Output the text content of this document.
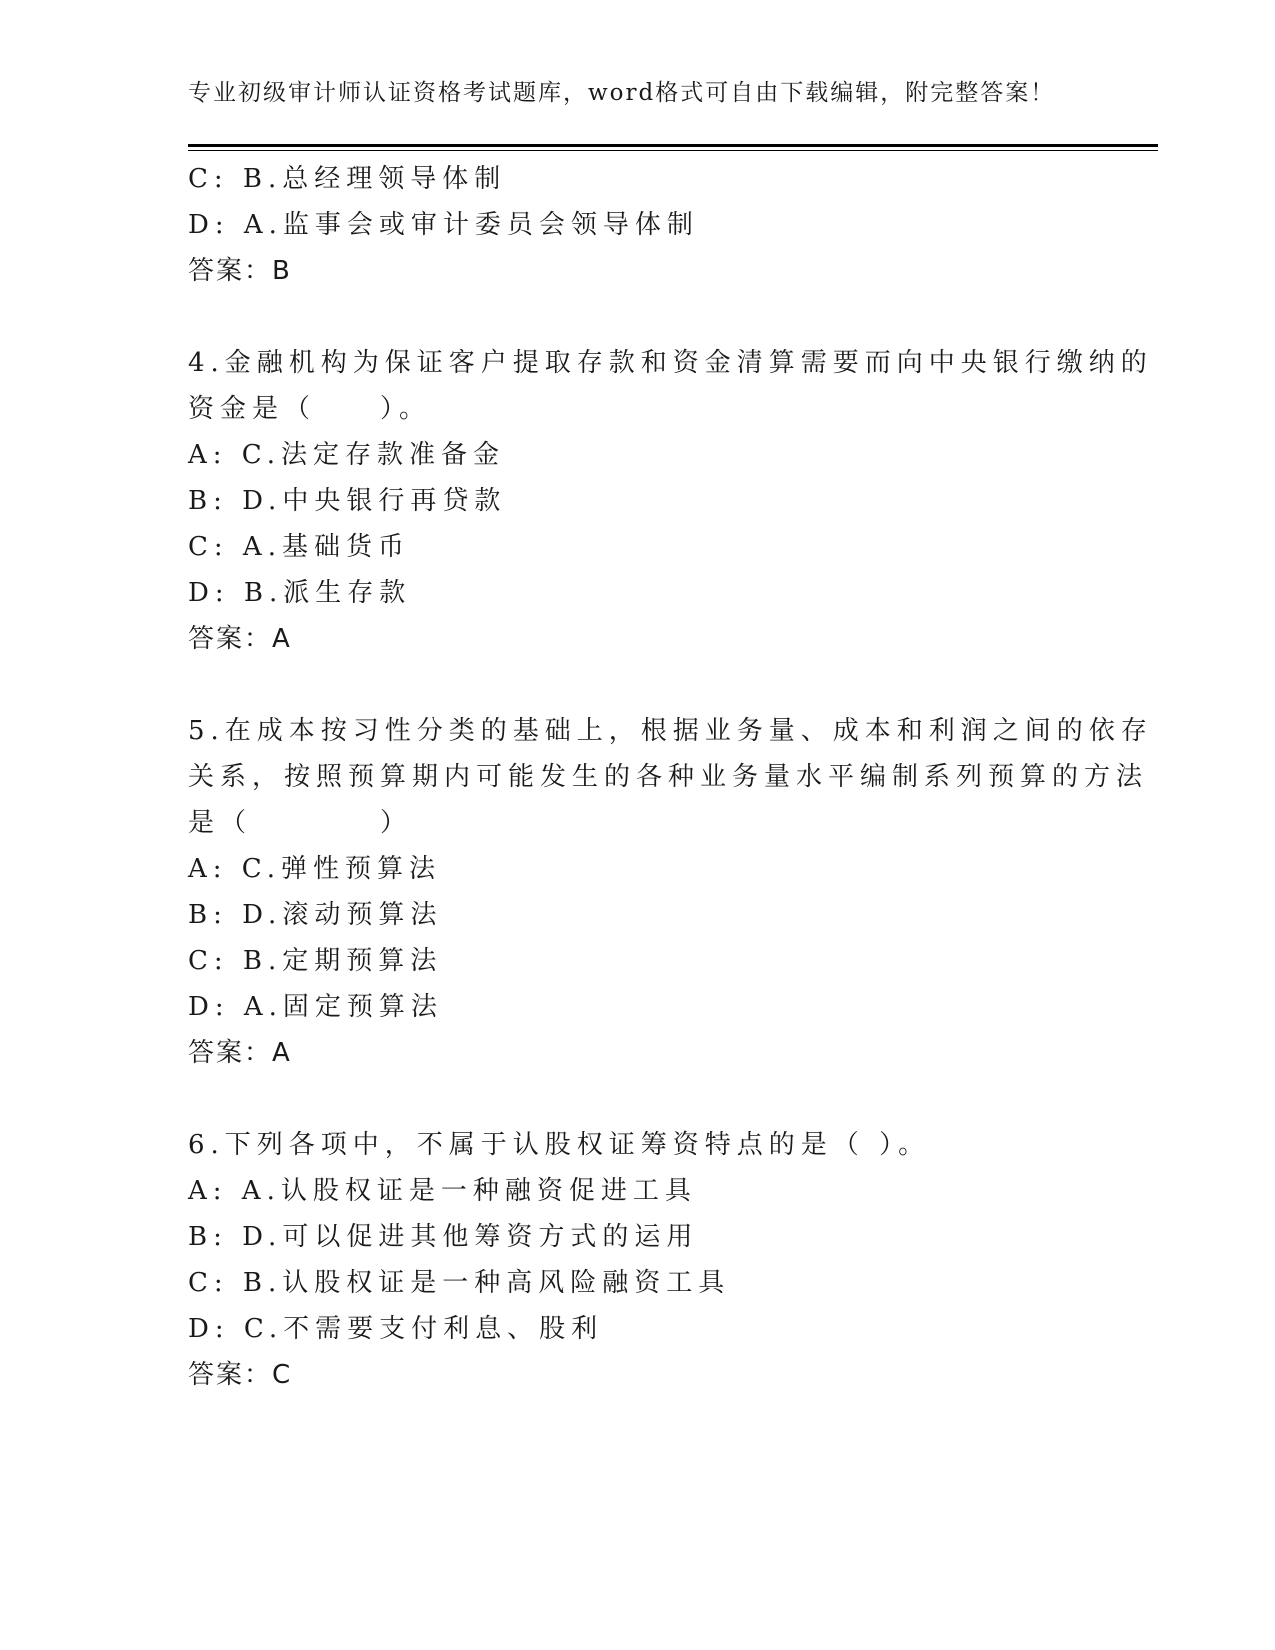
专业初级审计师认证资格考试题库，word格式可自由下载编辑，附完整答案！
C: B.总经理领导体制
D: A.监事会或审计委员会领导体制
答案：B
4.金融机构为保证客户提取存款和资金清算需要而向中央银行缴纳的
资金是（　　）。
A: C.法定存款准备金
B: D.中央银行再贷款
C: A.基础货币
D: B.派生存款
答案：A
5.在成本按习性分类的基础上，根据业务量、成本和利润之间的依存
关系，按照预算期内可能发生的各种业务量水平编制系列预算的方法
是（　　　　）
A: C.弹性预算法
B: D.滚动预算法
C: B.定期预算法
D: A.固定预算法
答案：A
6.下列各项中，不属于认股权证筹资特点的是（ ）。
A: A.认股权证是一种融资促进工具
B: D.可以促进其他筹资方式的运用
C: B.认股权证是一种高风险融资工具
D: C.不需要支付利息、股利
答案：C
